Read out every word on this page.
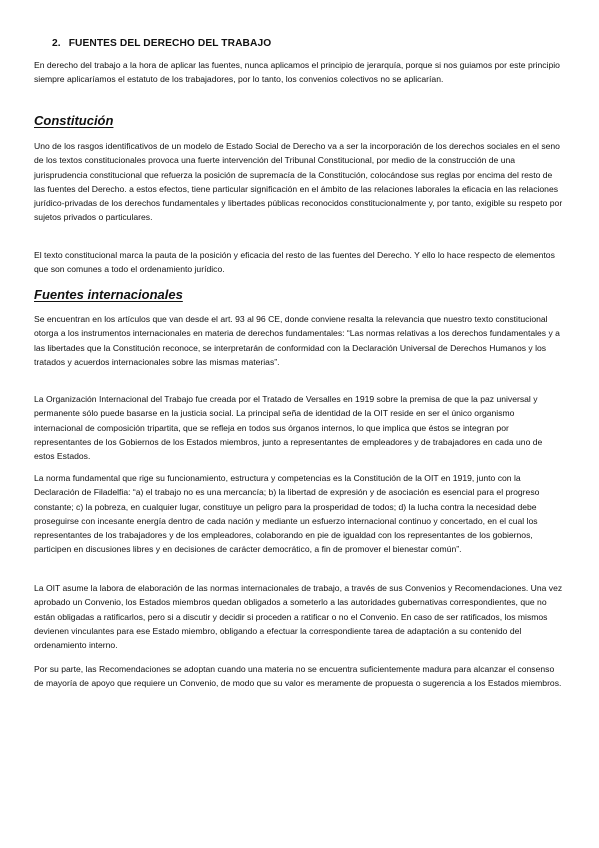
2. FUENTES DEL DERECHO DEL TRABAJO

En derecho del trabajo a la hora de aplicar las fuentes, nunca aplicamos el principio de jerarquía, porque si nos guiamos por este principio siempre aplicaríamos el estatuto de los trabajadores, por lo tanto, los convenios colectivos no se aplicarían.

Constitución

Uno de los rasgos identificativos de un modelo de Estado Social de Derecho va a ser la incorporación de los derechos sociales en el seno de los textos constitucionales provoca una fuerte intervención del Tribunal Constitucional, por medio de la construcción de una jurisprudencia constitucional que refuerza la posición de supremacía de la Constitución, colocándose sus reglas por encima del resto de las fuentes del Derecho. a estos efectos, tiene particular significación en el ámbito de las relaciones laborales la eficacia en las relaciones jurídico-privadas de los derechos fundamentales y libertades públicas reconocidos constitucionalmente y, por tanto, exigible su respeto por sujetos privados o particulares.

El texto constitucional marca la pauta de la posición y eficacia del resto de las fuentes del Derecho. Y ello lo hace respecto de elementos que son comunes a todo el ordenamiento jurídico.

Fuentes internacionales

Se encuentran en los artículos que van desde el art. 93 al 96 CE, donde conviene resalta la relevancia que nuestro texto constitucional otorga a los instrumentos internacionales en materia de derechos fundamentales: “Las normas relativas a los derechos fundamentales y a las libertades que la Constitución reconoce, se interpretarán de conformidad con la Declaración Universal de Derechos Humanos y los tratados y acuerdos internacionales sobre las mismas materias”.

La Organización Internacional del Trabajo fue creada por el Tratado de Versalles en 1919 sobre la premisa de que la paz universal y permanente sólo puede basarse en la justicia social. La principal seña de identidad de la OIT reside en ser el único organismo internacional de composición tripartita, que se refleja en todos sus órganos internos, lo que implica que éstos se integran por representantes de los Gobiernos de los Estados miembros, junto a representantes de empleadores y de trabajadores en cada uno de estos Estados.

La norma fundamental que rige su funcionamiento, estructura y competencias es la Constitución de la OIT en 1919, junto con la Declaración de Filadelfia: “a) el trabajo no es una mercancía; b) la libertad de expresión y de asociación es esencial para el progreso constante; c) la pobreza, en cualquier lugar, constituye un peligro para la prosperidad de todos; d) la lucha contra la necesidad debe proseguirse con incesante energía dentro de cada nación y mediante un esfuerzo internacional continuo y concertado, en el cual los representantes de los trabajadores y de los empleadores, colaborando en pie de igualdad con los representantes de los gobiernos, participen en discusiones libres y en decisiones de carácter democrático, a fin de promover el bienestar común”.

La OIT asume la labora de elaboración de las normas internacionales de trabajo, a través de sus Convenios y Recomendaciones. Una vez aprobado un Convenio, los Estados miembros quedan obligados a someterlo a las autoridades gubernativas correspondientes, que no están obligadas a ratificarlos, pero si a discutir y decidir si proceden a ratificar o no el Convenio. En caso de ser ratificados, los mismos devienen vinculantes para ese Estado miembro, obligando a efectuar la correspondiente tarea de adaptación a su contenido del ordenamiento interno.

Por su parte, las Recomendaciones se adoptan cuando una materia no se encuentra suficientemente madura para alcanzar el consenso de mayoría de apoyo que requiere un Convenio, de modo que su valor es meramente de propuesta o sugerencia a los Estados miembros.
